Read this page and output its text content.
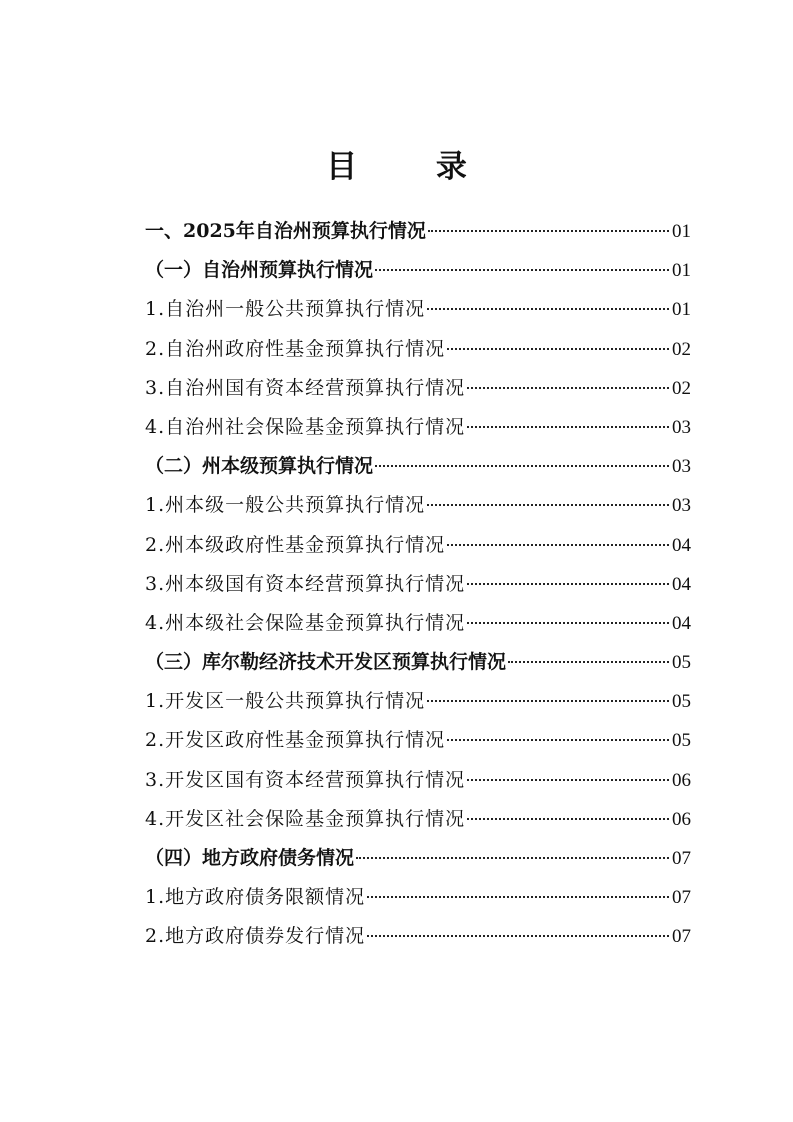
目 录
一、2025年自治州预算执行情况	01
（一）自治州预算执行情况	01
1.自治州一般公共预算执行情况	01
2.自治州政府性基金预算执行情况	02
3.自治州国有资本经营预算执行情况	02
4.自治州社会保险基金预算执行情况	03
（二）州本级预算执行情况	03
1.州本级一般公共预算执行情况	03
2.州本级政府性基金预算执行情况	04
3.州本级国有资本经营预算执行情况	04
4.州本级社会保险基金预算执行情况	04
（三）库尔勒经济技术开发区预算执行情况	05
1.开发区一般公共预算执行情况	05
2.开发区政府性基金预算执行情况	05
3.开发区国有资本经营预算执行情况	06
4.开发区社会保险基金预算执行情况	06
（四）地方政府债务情况	07
1.地方政府债务限额情况	07
2.地方政府债券发行情况	07
